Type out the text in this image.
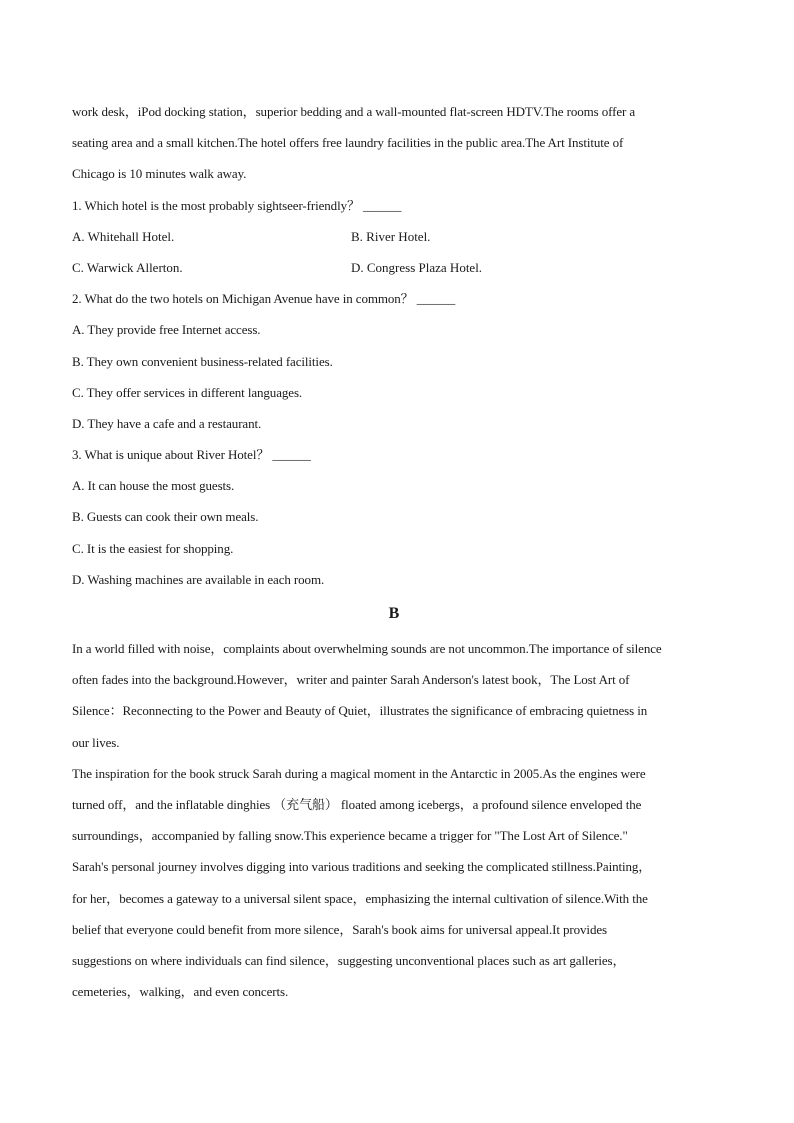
work desk，iPod docking station，superior bedding and a wall-mounted flat-screen HDTV.The rooms offer a
seating area and a small kitchen.The hotel offers free laundry facilities in the public area.The Art Institute of
Chicago is 10 minutes walk away.
1. Which hotel is the most probably sightseer-friendly？ ______
A. Whitehall Hotel.	B. River Hotel.
C. Warwick Allerton.	D. Congress Plaza Hotel.
2. What do the two hotels on Michigan Avenue have in common？ ______
A. They provide free Internet access.
B. They own convenient business-related facilities.
C. They offer services in different languages.
D. They have a cafe and a restaurant.
3. What is unique about River Hotel？ ______
A. It can house the most guests.
B. Guests can cook their own meals.
C. It is the easiest for shopping.
D. Washing machines are available in each room.
B
In a world filled with noise，complaints about overwhelming sounds are not uncommon.The importance of silence
often fades into the background.However，writer and painter Sarah Anderson's latest book，The Lost Art of
Silence：Reconnecting to the Power and Beauty of Quiet，illustrates the significance of embracing quietness in
our lives.
The inspiration for the book struck Sarah during a magical moment in the Antarctic in 2005.As the engines were
turned off，and the inflatable dinghies （充气船） floated among icebergs，a profound silence enveloped the
surroundings，accompanied by falling snow.This experience became a trigger for "The Lost Art of Silence."
Sarah's personal journey involves digging into various traditions and seeking the complicated stillness.Painting，
for her，becomes a gateway to a universal silent space，emphasizing the internal cultivation of silence.With the
belief that everyone could benefit from more silence，Sarah's book aims for universal appeal.It provides
suggestions on where individuals can find silence，suggesting unconventional places such as art galleries，
cemeteries，walking，and even concerts.
